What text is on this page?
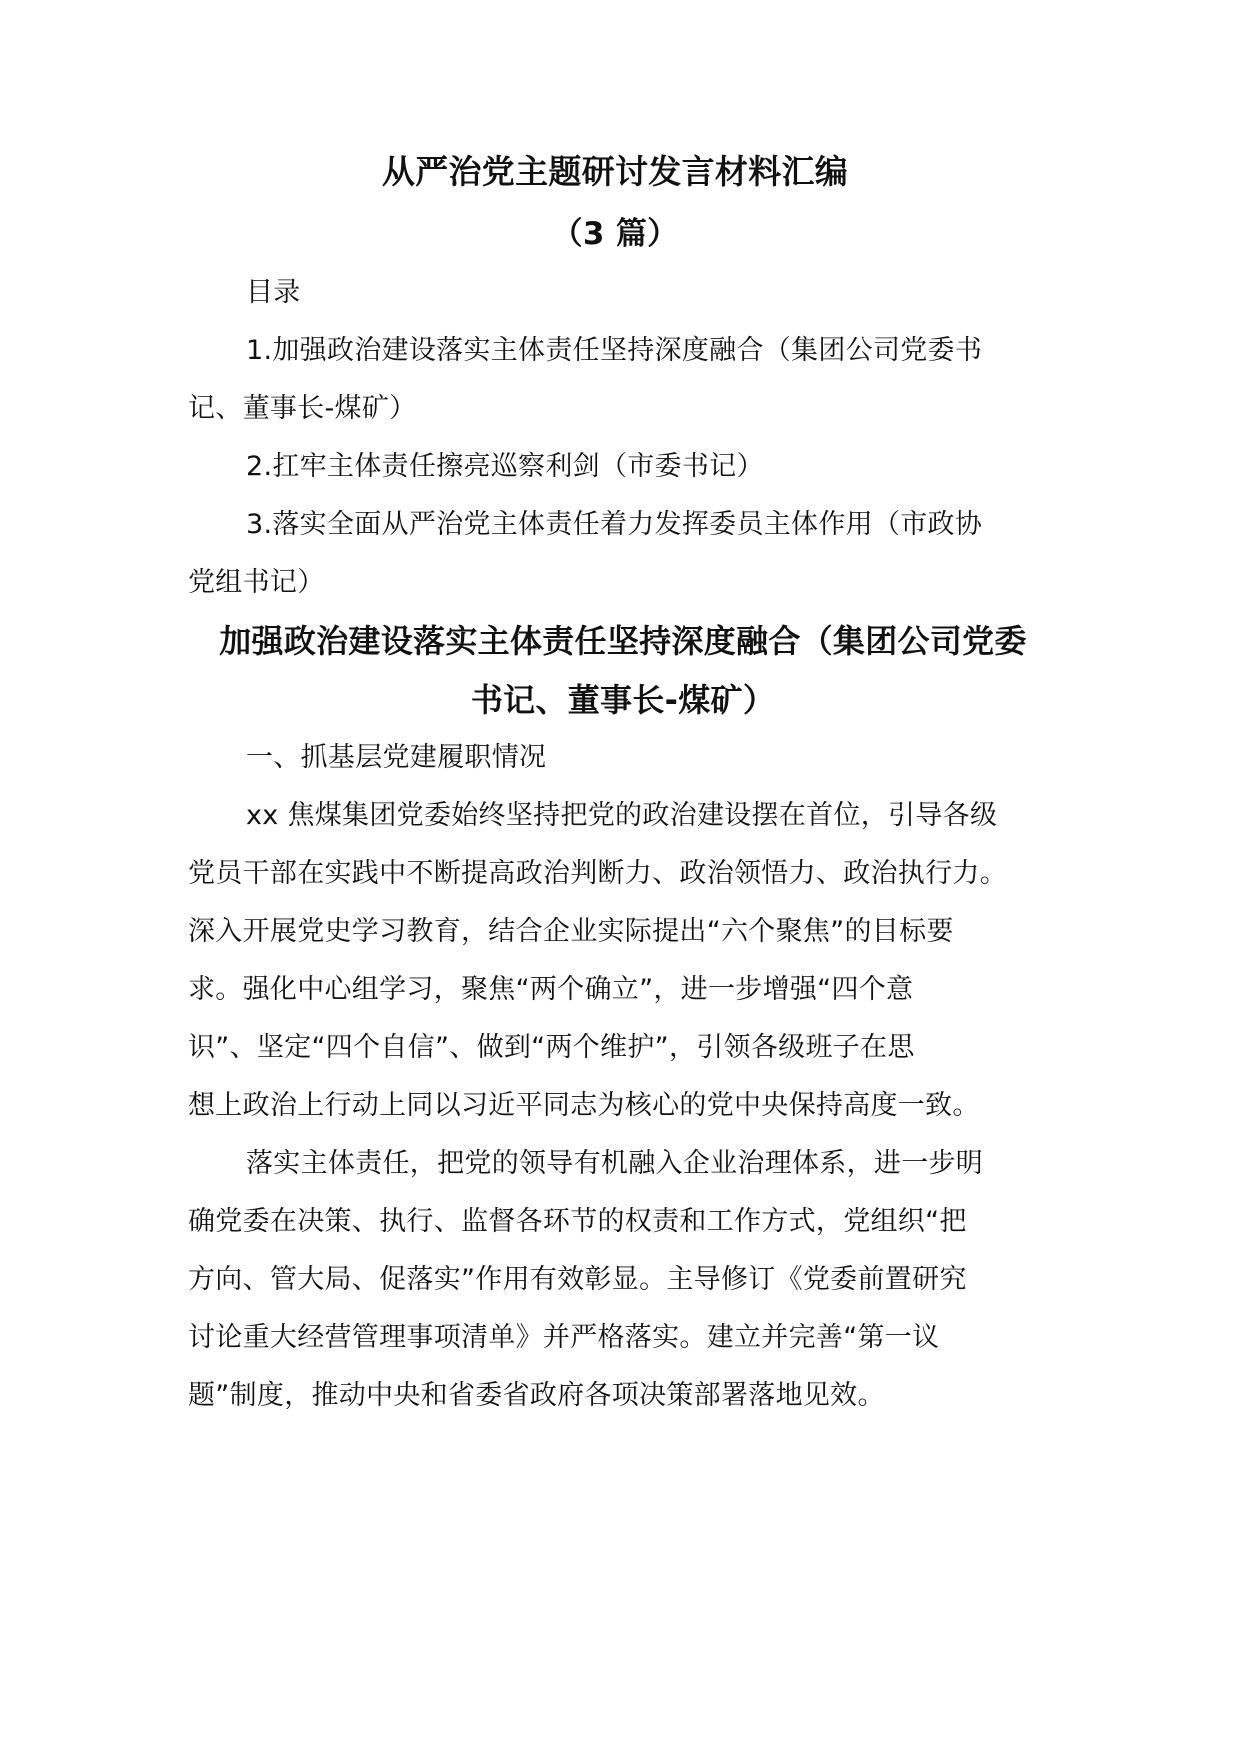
从严治党主题研讨发言材料汇编
（3 篇）
目录
1.加强政治建设落实主体责任坚持深度融合（集团公司党委书
记、董事长-煤矿）
2.扛牢主体责任擦亮巡察利剑（市委书记）
3.落实全面从严治党主体责任着力发挥委员主体作用（市政协
党组书记）
加强政治建设落实主体责任坚持深度融合（集团公司党委
书记、董事长-煤矿）
一、抓基层党建履职情况
xx 焦煤集团党委始终坚持把党的政治建设摆在首位，引导各级
党员干部在实践中不断提高政治判断力、政治领悟力、政治执行力。
深入开展党史学习教育，结合企业实际提出“六个聚焦”的目标要
求。强化中心组学习，聚焦“两个确立”，进一步增强“四个意
识”、坚定“四个自信”、做到“两个维护”，引领各级班子在思
想上政治上行动上同以习近平同志为核心的党中央保持高度一致。
落实主体责任，把党的领导有机融入企业治理体系，进一步明
确党委在决策、执行、监督各环节的权责和工作方式，党组织“把
方向、管大局、促落实”作用有效彰显。主导修订《党委前置研究
讨论重大经营管理事项清单》并严格落实。建立并完善“第一议
题”制度，推动中央和省委省政府各项决策部署落地见效。
